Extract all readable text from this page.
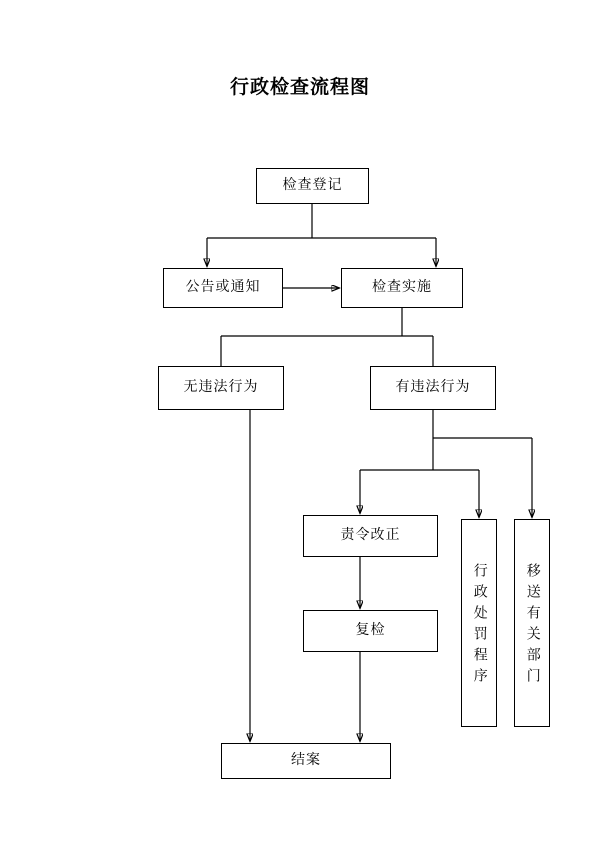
行政检查流程图
检查登记
公告或通知	检查实施
无违法行为	有违法行为
责令改正
复检	行政处罚程序	移送有关部门
结案
